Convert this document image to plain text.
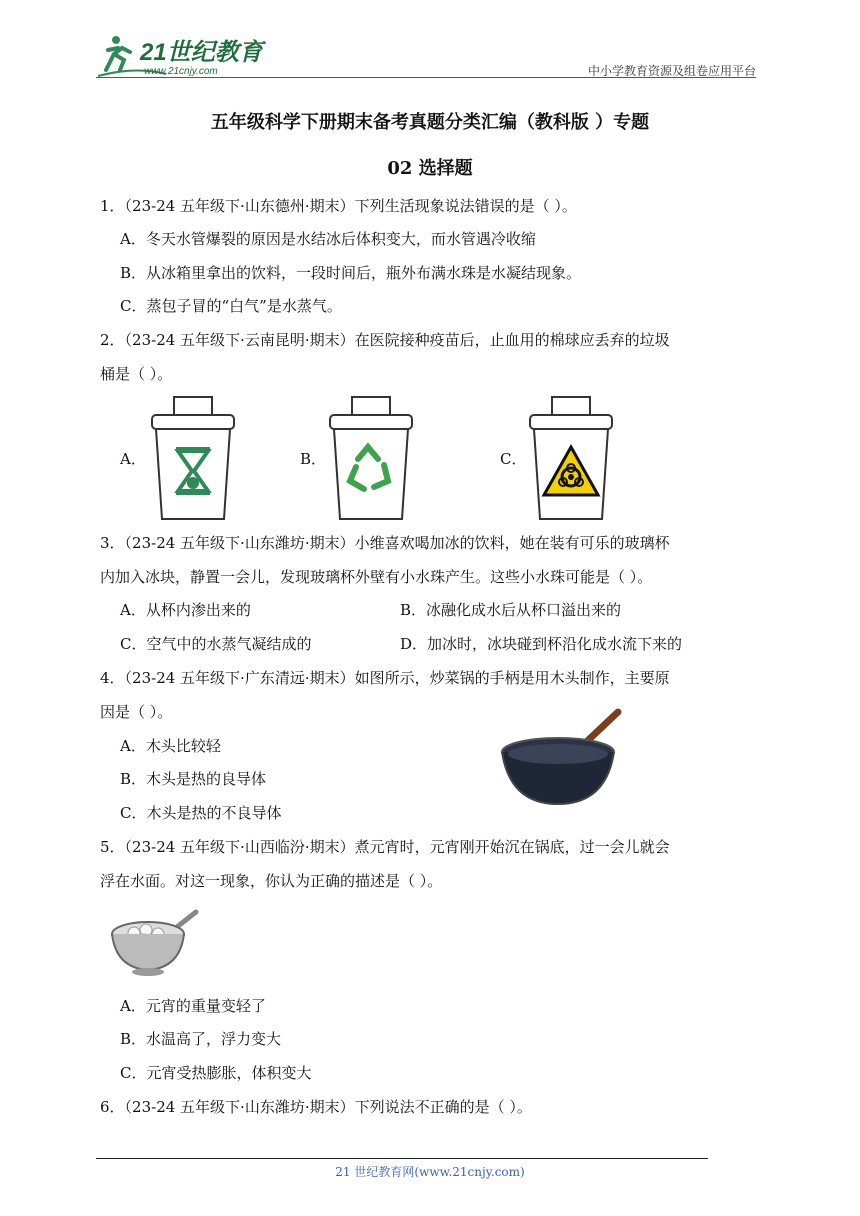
21世纪教育
www.21cnjy.com	中小学教育资源及组卷应用平台
五年级科学下册期末备考真题分类汇编（教科版 ）专题
02 选择题
1．（23-24 五年级下·山东德州·期末）下列生活现象说法错误的是（ ）。
A．冬天水管爆裂的原因是水结冰后体积变大，而水管遇冷收缩
B．从冰箱里拿出的饮料，一段时间后，瓶外布满水珠是水凝结现象。
C．蒸包子冒的“白气”是水蒸气。
2．（23-24 五年级下·云南昆明·期末）在医院接种疫苗后，止血用的棉球应丢弃的垃圾
桶是（ ）。
A．	B．	C．
3．（23-24 五年级下·山东潍坊·期末）小维喜欢喝加冰的饮料，她在装有可乐的玻璃杯
内加入冰块，静置一会儿，发现玻璃杯外壁有小水珠产生。这些小水珠可能是（ ）。
A．从杯内渗出来的	B．冰融化成水后从杯口溢出来的
C．空气中的水蒸气凝结成的	D．加冰时，冰块碰到杯沿化成水流下来的
4．（23-24 五年级下·广东清远·期末）如图所示，炒菜锅的手柄是用木头制作，主要原
因是（ ）。
A．木头比较轻
B．木头是热的良导体
C．木头是热的不良导体
5．（23-24 五年级下·山西临汾·期末）煮元宵时，元宵刚开始沉在锅底，过一会儿就会
浮在水面。对这一现象，你认为正确的描述是（ ）。
A．元宵的重量变轻了
B．水温高了，浮力变大
C．元宵受热膨胀，体积变大
6．（23-24 五年级下·山东潍坊·期末）下列说法不正确的是（ ）。
21 世纪教育网(www.21cnjy.com)
